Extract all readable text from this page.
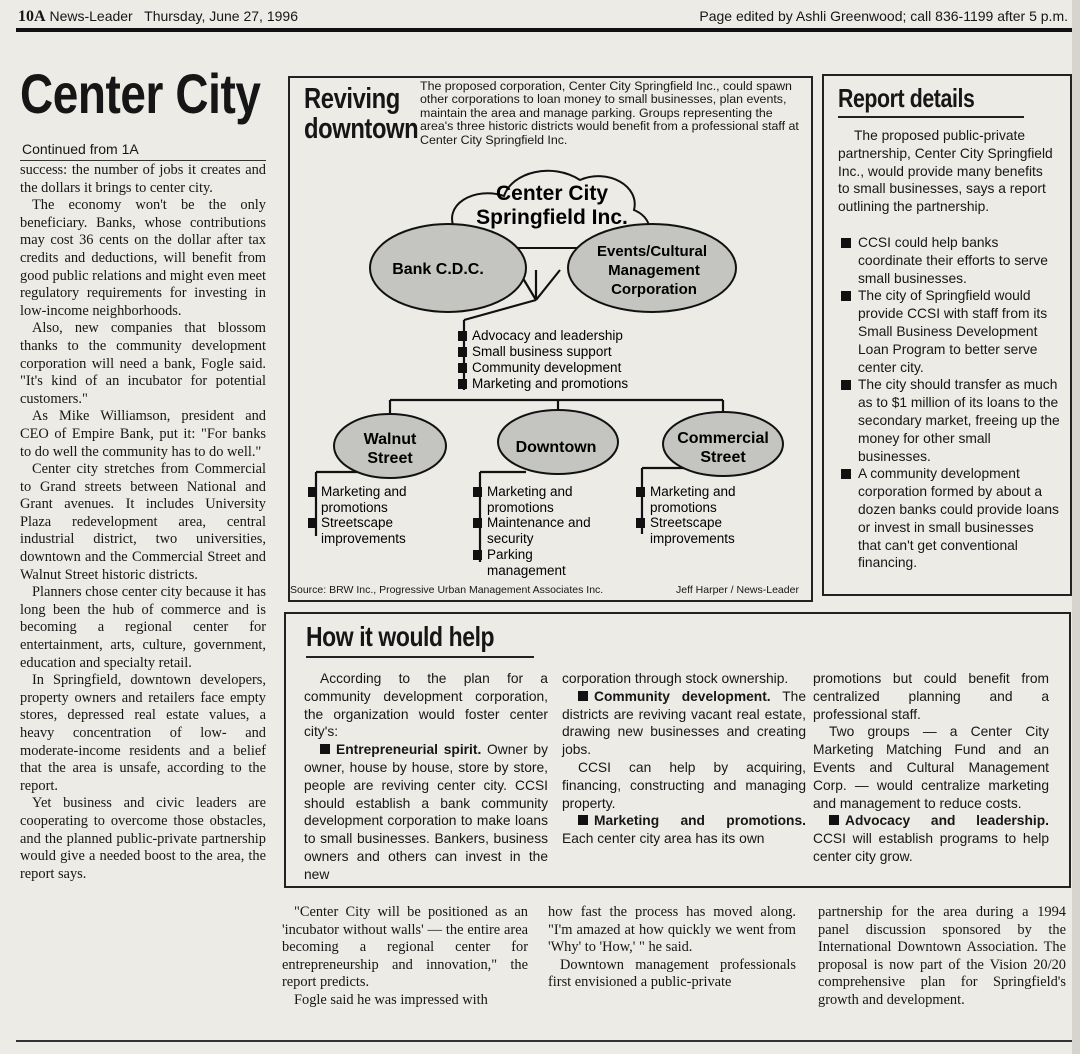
10A News-Leader Thursday, June 27, 1996	Page edited by Ashli Greenwood; call 836-1199 after 5 p.m.
Center City
Continued from 1A

success: the number of jobs it creates and the dollars it brings to center city.

The economy won't be the only beneficiary. Banks, whose contributions may cost 36 cents on the dollar after tax credits and deductions, will benefit from good public relations and might even meet regulatory requirements for investing in low-income neighborhoods.

Also, new companies that blossom thanks to the community development corporation will need a bank, Fogle said. "It's kind of an incubator for potential customers."

As Mike Williamson, president and CEO of Empire Bank, put it: "For banks to do well the community has to do well."

Center city stretches from Commercial to Grand streets between National and Grant avenues. It includes University Plaza redevelopment area, central industrial district, two universities, downtown and the Commercial Street and Walnut Street historic districts.

Planners chose center city because it has long been the hub of commerce and is becoming a regional center for entertainment, arts, culture, government, education and specialty retail.

In Springfield, downtown developers, property owners and retailers face empty stores, depressed real estate values, a heavy concentration of low- and moderate-income residents and a belief that the area is unsafe, according to the report.

Yet business and civic leaders are cooperating to overcome those obstacles, and the planned public-private partnership would give a needed boost to the area, the report says.

Reviving
downtown
The proposed corporation, Center City Springfield Inc., could spawn other corporations to loan money to small businesses, plan events, maintain the area and manage parking. Groups representing the area's three historic districts would benefit from a professional staff at Center City Springfield Inc.
Center City
Springfield Inc.
Bank C.D.C.
Events/Cultural
Management
Corporation
Advocacy and leadership
Small business support
Community development
Marketing and promotions
Walnut
Street
Downtown
Commercial
Street
Marketing and
promotions
Streetscape
improvements
Marketing and
promotions
Maintenance and
security
Parking
management
Marketing and
promotions
Streetscape
improvements
Source: BRW Inc., Progressive Urban Management Associates Inc.	Jeff Harper / News-Leader
Report details

The proposed public-private partnership, Center City Springfield Inc., would provide many benefits to small businesses, says a report outlining the partnership.

CCSI could help banks coordinate their efforts to serve small businesses.

The city of Springfield would provide CCSI with staff from its Small Business Development Loan Program to better serve center city.

The city should transfer as much as to $1 million of its loans to the secondary market, freeing up the money for other small businesses.

A community development corporation formed by about a dozen banks could provide loans or invest in small businesses that can't get conventional financing.

How it would help

According to the plan for a community development corporation, the organization would foster center city's:

Entrepreneurial spirit. Owner by owner, house by house, store by store, people are reviving center city. CCSI should establish a bank community development corporation to make loans to small businesses. Bankers, business owners and others can invest in the new

corporation through stock ownership.

Community development. The districts are reviving vacant real estate, drawing new businesses and creating jobs.

CCSI can help by acquiring, financing, constructing and managing property.

Marketing and promotions. Each center city area has its own

promotions but could benefit from centralized planning and a professional staff.

Two groups — a Center City Marketing Matching Fund and an Events and Cultural Management Corp. — would centralize marketing and management to reduce costs.

Advocacy and leadership. CCSI will establish programs to help center city grow.

"Center City will be positioned as an 'incubator without walls' — the entire area becoming a regional center for entrepreneurship and innovation," the report predicts.

Fogle said he was impressed with

how fast the process has moved along. "I'm amazed at how quickly we went from 'Why' to 'How,' " he said.

Downtown management professionals first envisioned a public-private

partnership for the area during a 1994 panel discussion sponsored by the International Downtown Association. The proposal is now part of the Vision 20/20 comprehensive plan for Springfield's growth and development.
